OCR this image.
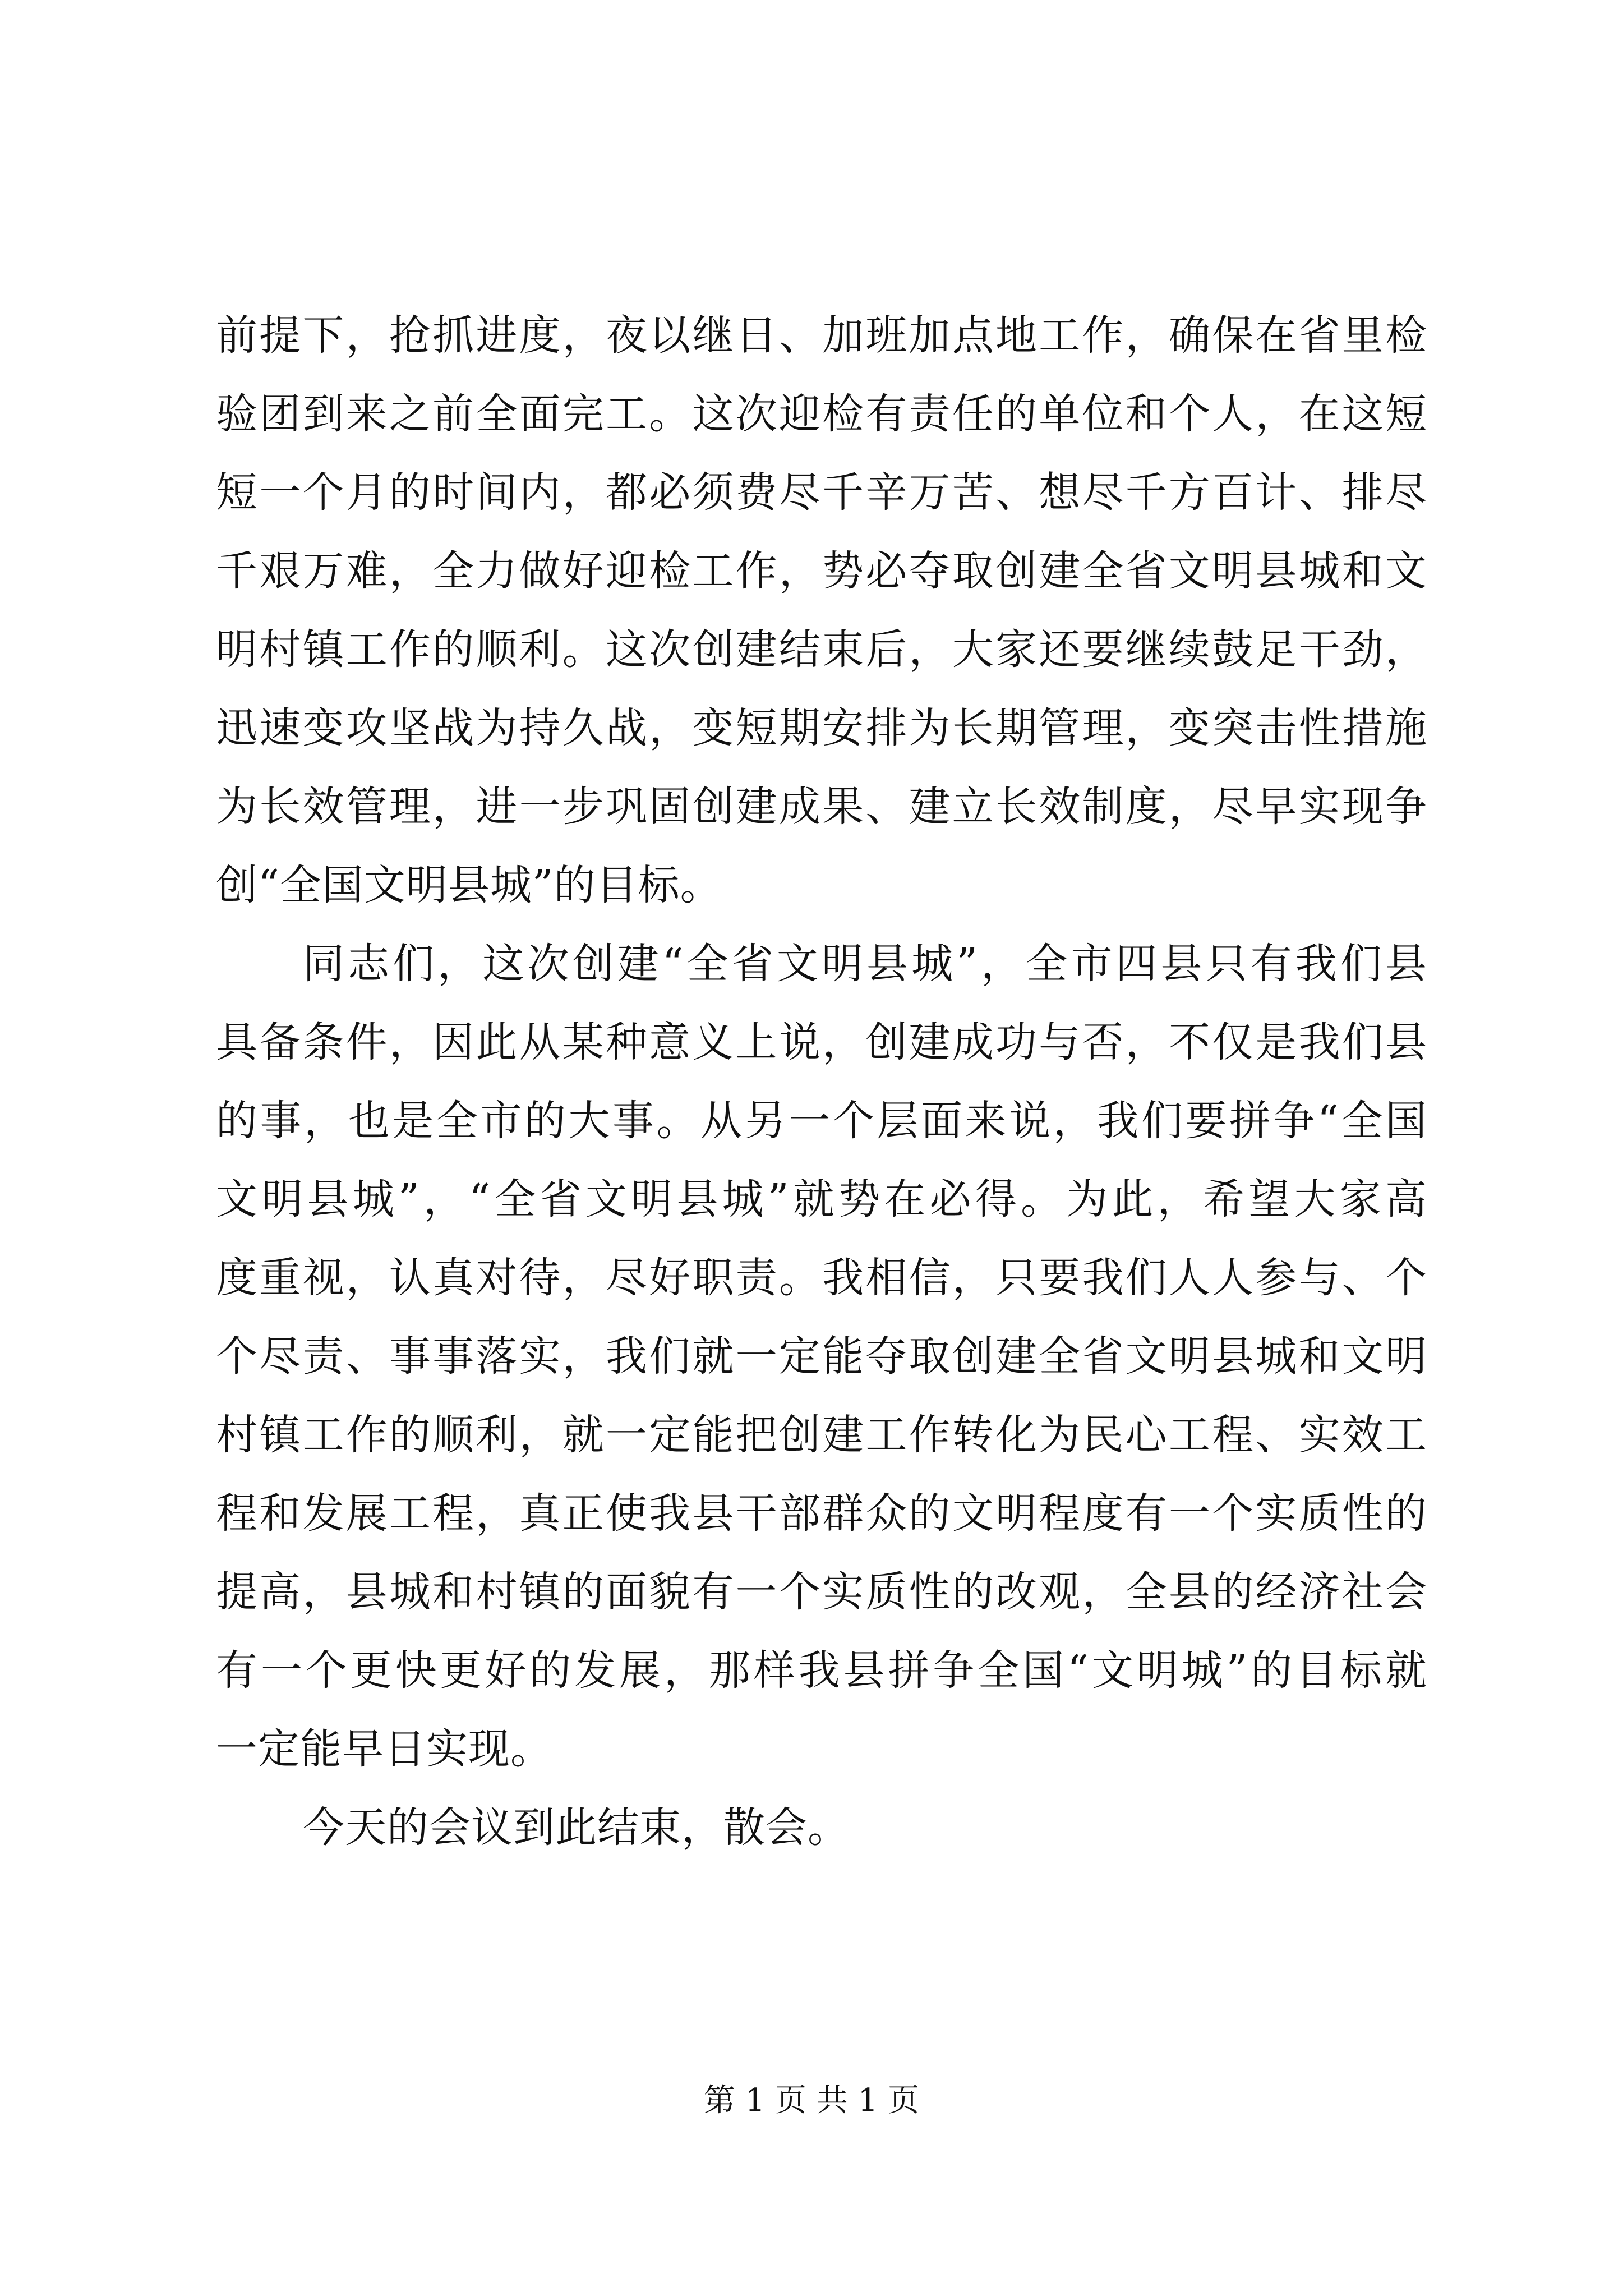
前提下，抢抓进度，夜以继日、加班加点地工作，确保在省里检
验团到来之前全面完工。这次迎检有责任的单位和个人，在这短
短一个月的时间内，都必须费尽千辛万苦、想尽千方百计、排尽
千艰万难，全力做好迎检工作，势必夺取创建全省文明县城和文
明村镇工作的顺利。这次创建结束后，大家还要继续鼓足干劲，
迅速变攻坚战为持久战，变短期安排为长期管理，变突击性措施
为长效管理，进一步巩固创建成果、建立长效制度，尽早实现争
创“全国文明县城”的目标。
同志们，这次创建“全省文明县城”，全市四县只有我们县
具备条件，因此从某种意义上说，创建成功与否，不仅是我们县
的事，也是全市的大事。从另一个层面来说，我们要拼争“全国
文明县城”，“全省文明县城”就势在必得。为此，希望大家高
度重视，认真对待，尽好职责。我相信，只要我们人人参与、个
个尽责、事事落实，我们就一定能夺取创建全省文明县城和文明
村镇工作的顺利，就一定能把创建工作转化为民心工程、实效工
程和发展工程，真正使我县干部群众的文明程度有一个实质性的
提高，县城和村镇的面貌有一个实质性的改观，全县的经济社会
有一个更快更好的发展，那样我县拼争全国“文明城”的目标就
一定能早日实现。
今天的会议到此结束，散会。
第 1 页 共 1 页
